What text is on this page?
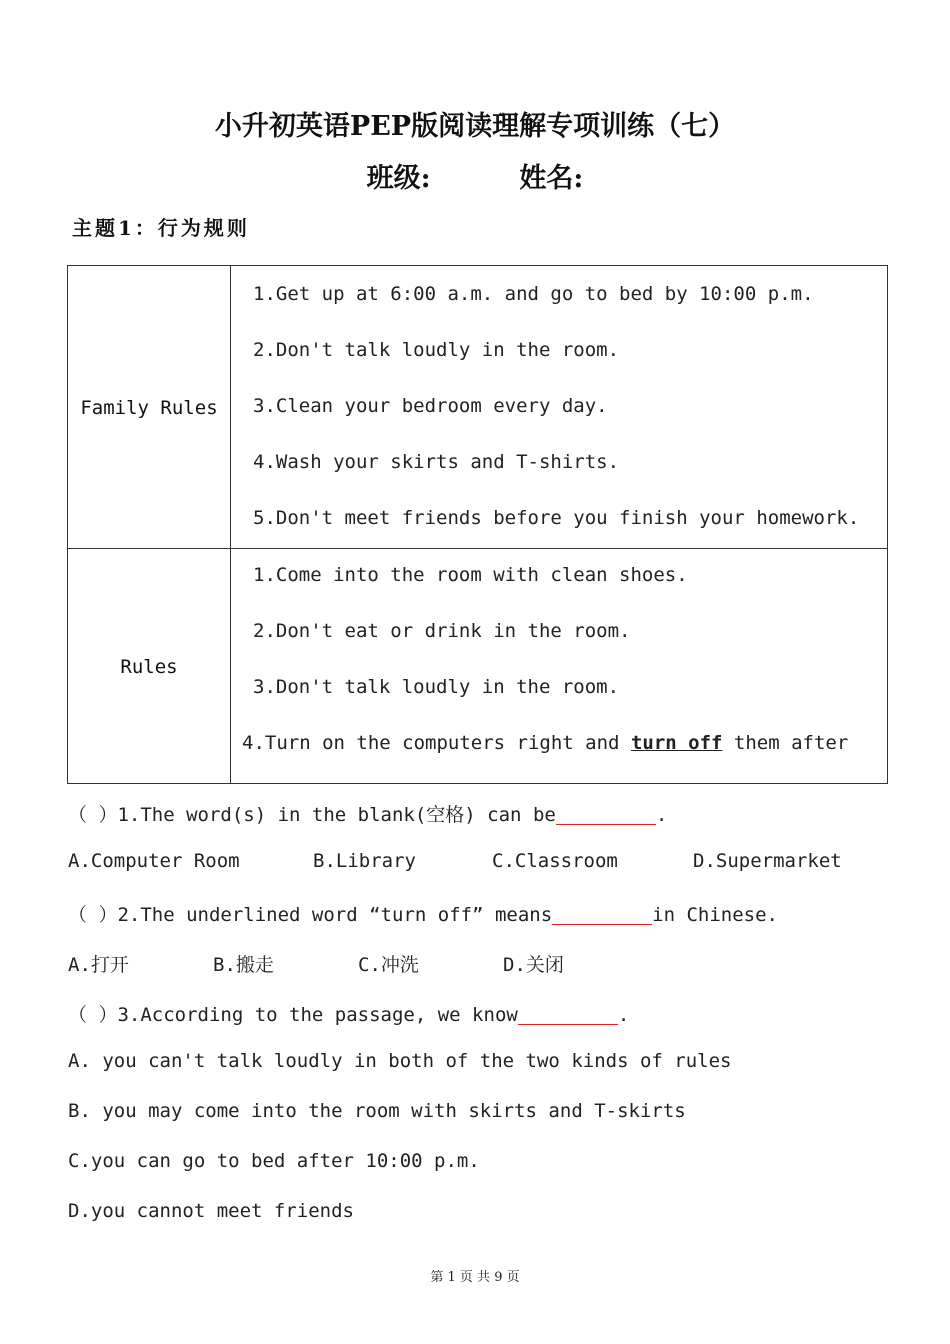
小升初英语PEP版阅读理解专项训练（七）
班级:	姓名:
主题1：行为规则
Family Rules
1.Get up at 6:00 a.m. and go to bed by 10:00 p.m.
2.Don't talk loudly in the room.
3.Clean your bedroom every day.
4.Wash your skirts and T-shirts.
5.Don't meet friends before you finish your homework.
Rules
1.Come into the room with clean shoes.
2.Don't eat or drink in the room.
3.Don't talk loudly in the room.
4.Turn on the computers right and turn off them after
（ ）1.The word(s) in the blank(空格) can be	.
A.Computer Room	B.Library	C.Classroom	D.Supermarket
（ ）2.The underlined word “turn off” means	in Chinese.
A.打开	B.搬走	C.冲洗	D.关闭
（ ）3.According to the passage, we know	.
A. you can't talk loudly in both of the two kinds of rules
B. you may come into the room with skirts and T-skirts
C.you can go to bed after 10:00 p.m.
D.you cannot meet friends
第 1 页 共 9 页
